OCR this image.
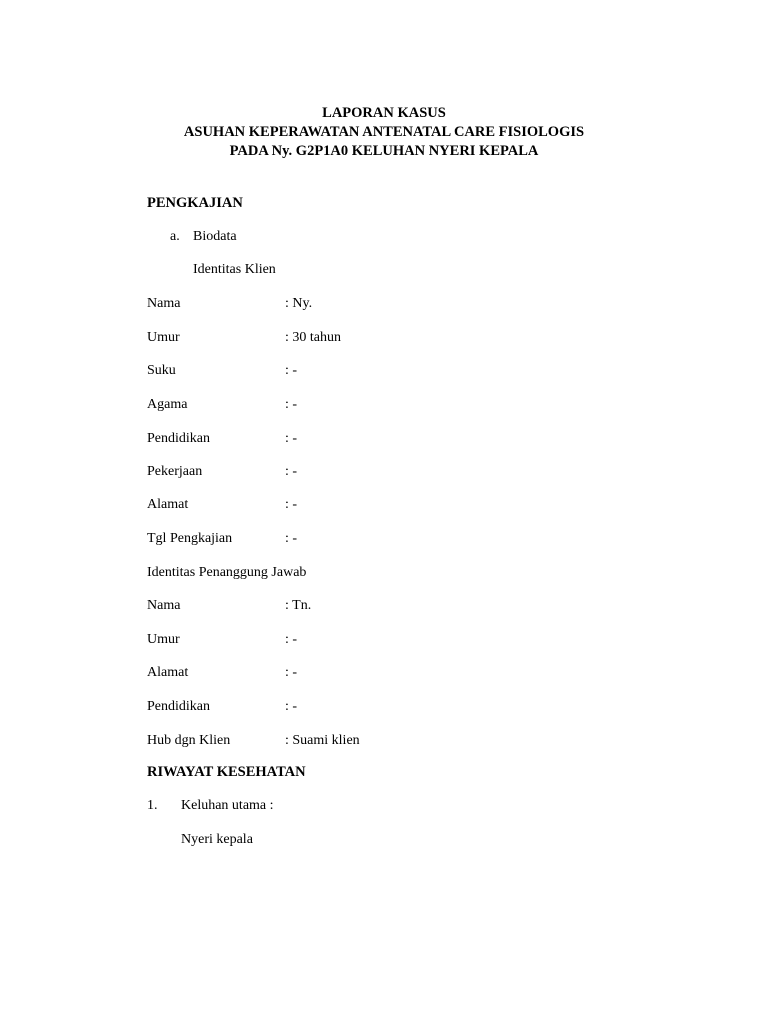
LAPORAN KASUS
ASUHAN KEPERAWATAN ANTENATAL CARE FISIOLOGIS
PADA Ny. G2P1A0 KELUHAN NYERI KEPALA
PENGKAJIAN
a. Biodata
Identitas Klien
Nama	: Ny.
Umur	: 30 tahun
Suku	: -
Agama	: -
Pendidikan	: -
Pekerjaan	: -
Alamat	: -
Tgl Pengkajian	: -
Identitas Penanggung Jawab
Nama	: Tn.
Umur	: -
Alamat	: -
Pendidikan	: -
Hub dgn Klien	: Suami klien
RIWAYAT KESEHATAN
1. Keluhan utama :
Nyeri kepala
